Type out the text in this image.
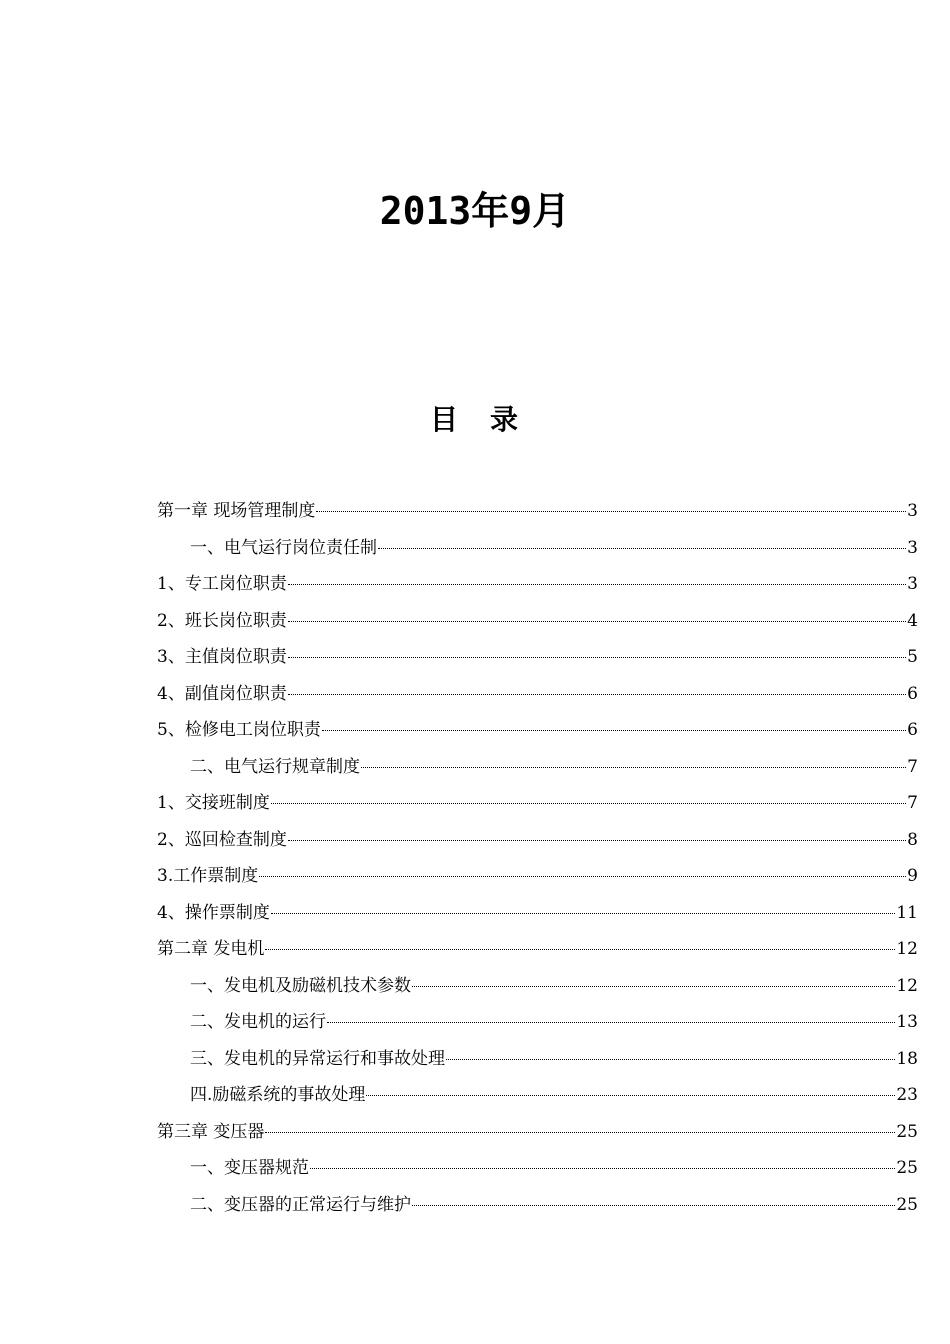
2013年9月
目 录
第一章 现场管理制度	3
一、电气运行岗位责任制	3
1、专工岗位职责	3
2、班长岗位职责	4
3、主值岗位职责	5
4、副值岗位职责	6
5、检修电工岗位职责	6
二、电气运行规章制度	7
1、交接班制度	7
2、巡回检查制度	8
3.工作票制度	9
4、操作票制度	11
第二章 发电机	12
一、发电机及励磁机技术参数	12
二、发电机的运行	13
三、发电机的异常运行和事故处理	18
四.励磁系统的事故处理	23
第三章 变压器	25
一、变压器规范	25
二、变压器的正常运行与维护	25
